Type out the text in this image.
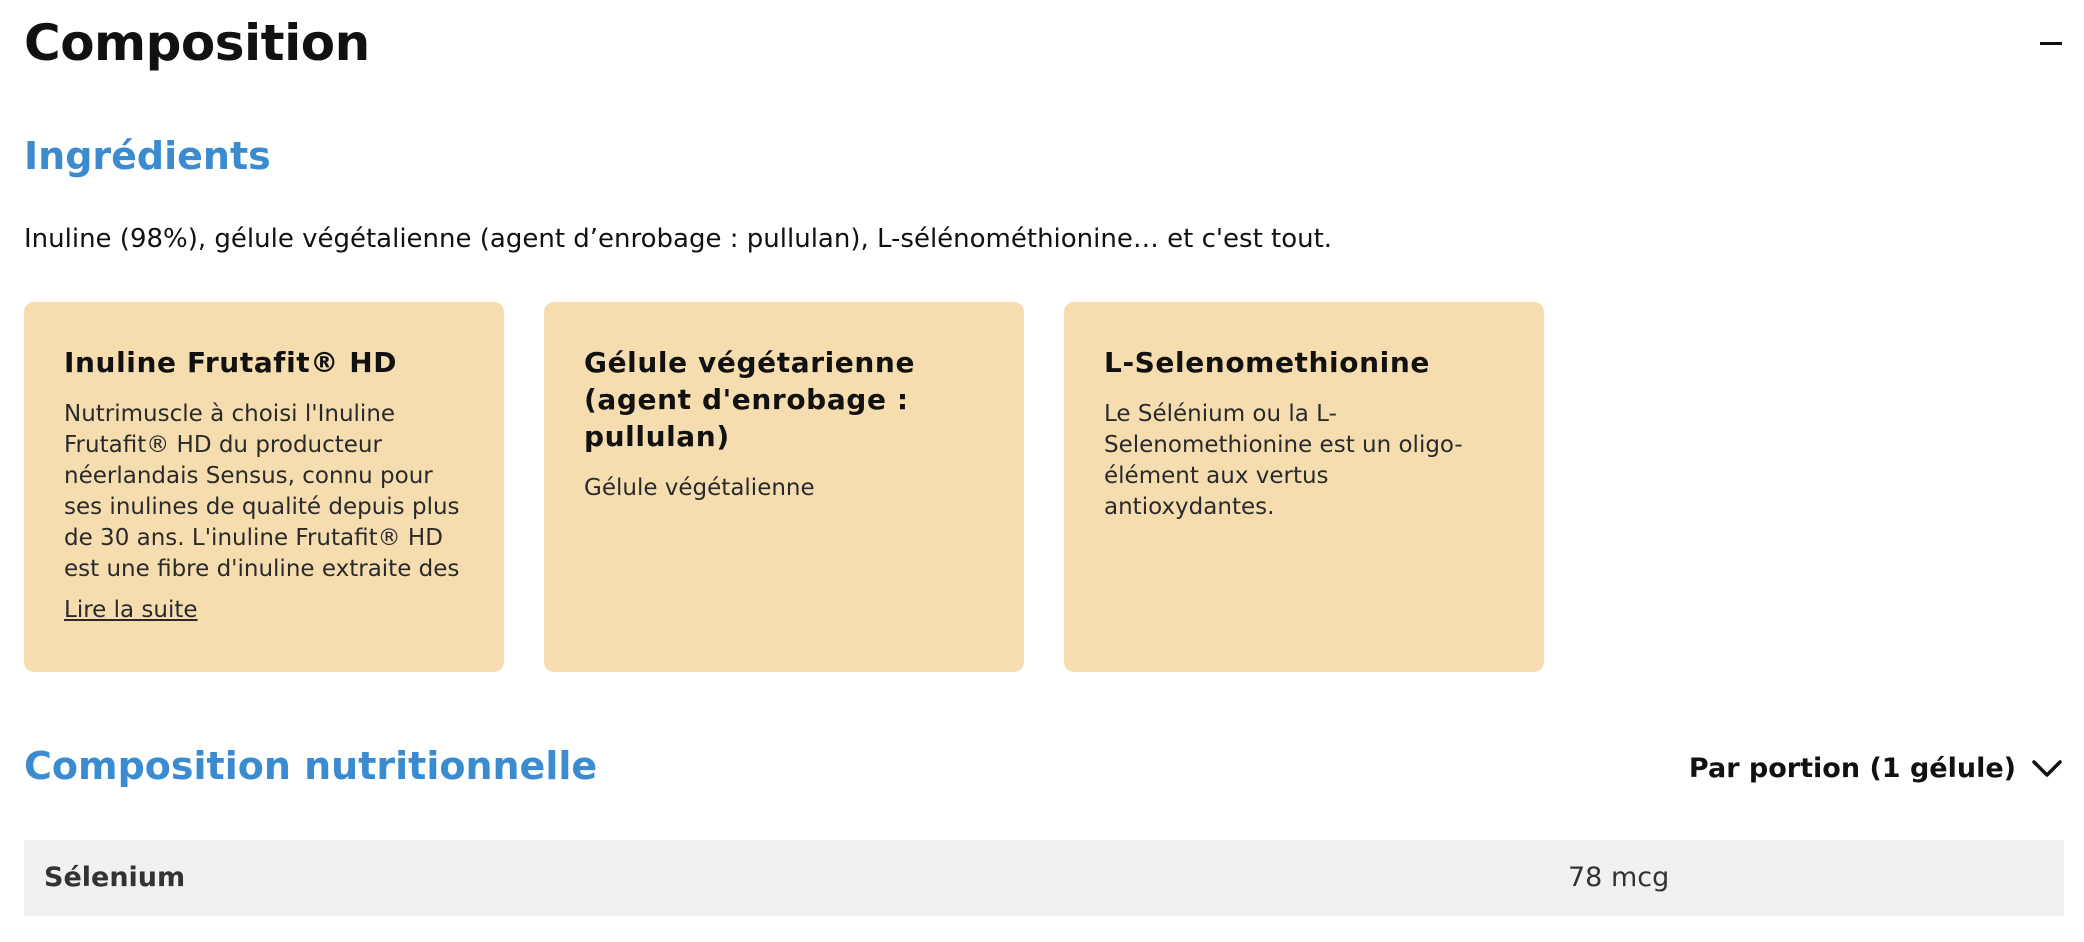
Composition
Ingrédients

Inuline (98%), gélule végétalienne (agent d’enrobage : pullulan), L-sélénométhionine… et c'est tout.

Inuline Frutafit® HD

Nutrimuscle à choisi l'Inuline Frutafit® HD du producteur néerlandais Sensus, connu pour ses inulines de qualité depuis plus de 30 ans. L'inuline Frutafit® HD est une fibre d'inuline extraite des

Lire la suite
Gélule végétarienne (agent d'enrobage : pullulan)

Gélule végétalienne

L-Selenomethionine

Le Sélénium ou la L-Selenomethionine est un oligo-élément aux vertus antioxydantes.

Composition nutritionnelle	Par portion (1 gélule)
Sélenium	78 mcg
